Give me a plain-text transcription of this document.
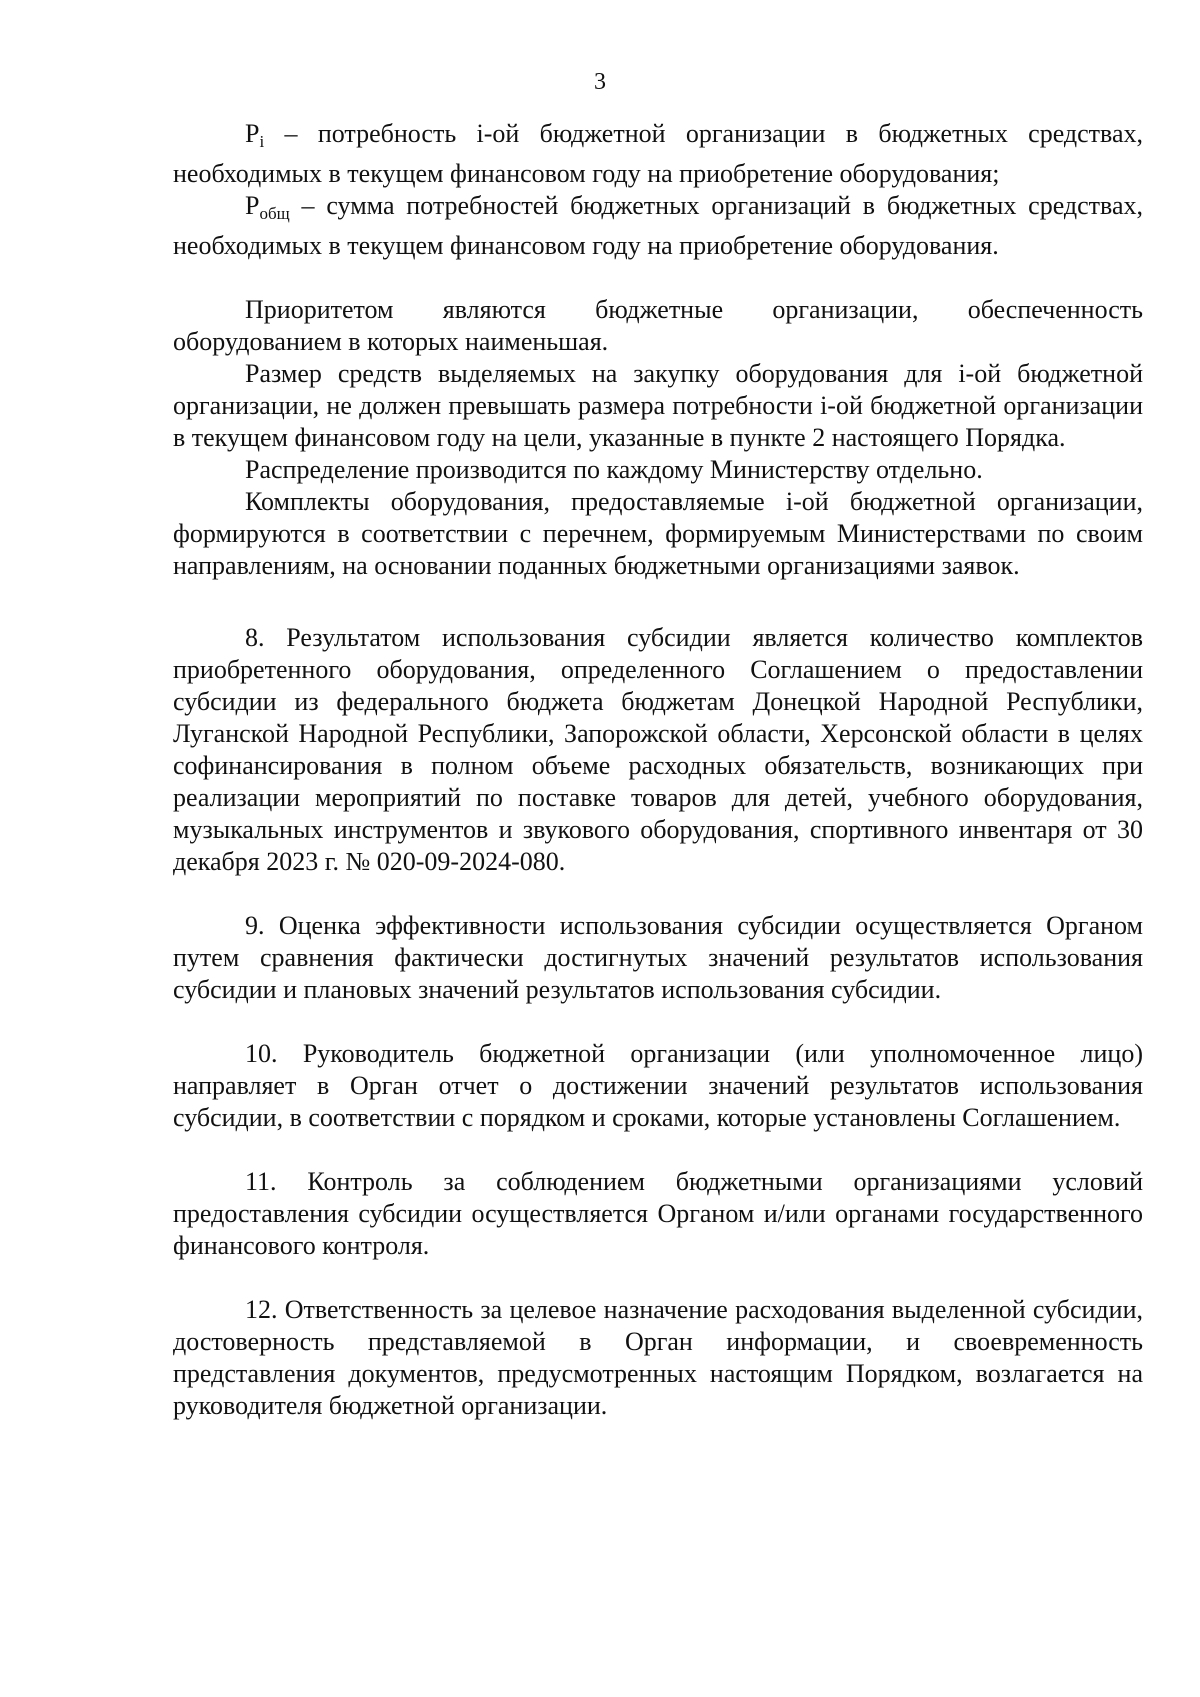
3

Pi – потребность i-ой бюджетной организации в бюджетных средствах, необходимых в текущем финансовом году на приобретение оборудования;

Pобщ – сумма потребностей бюджетных организаций в бюджетных средствах, необходимых в текущем финансовом году на приобретение оборудования.

Приоритетом являются бюджетные организации, обеспеченность оборудованием в которых наименьшая.

Размер средств выделяемых на закупку оборудования для i-ой бюджетной организации, не должен превышать размера потребности i-ой бюджетной организации в текущем финансовом году на цели, указанные в пункте 2 настоящего Порядка.

Распределение производится по каждому Министерству отдельно.

Комплекты оборудования, предоставляемые i-ой бюджетной организации, формируются в соответствии с перечнем, формируемым Министерствами по своим направлениям, на основании поданных бюджетными организациями заявок.

8. Результатом использования субсидии является количество комплектов приобретенного оборудования, определенного Соглашением о предоставлении субсидии из федерального бюджета бюджетам Донецкой Народной Республики, Луганской Народной Республики, Запорожской области, Херсонской области в целях софинансирования в полном объеме расходных обязательств, возникающих при реализации мероприятий по поставке товаров для детей, учебного оборудования, музыкальных инструментов и звукового оборудования, спортивного инвентаря от 30 декабря 2023 г. № 020-09-2024-080.

9. Оценка эффективности использования субсидии осуществляется Органом путем сравнения фактически достигнутых значений результатов использования субсидии и плановых значений результатов использования субсидии.

10. Руководитель бюджетной организации (или уполномоченное лицо) направляет в Орган отчет о достижении значений результатов использования субсидии, в соответствии с порядком и сроками, которые установлены Соглашением.

11. Контроль за соблюдением бюджетными организациями условий предоставления субсидии осуществляется Органом и/или органами государственного финансового контроля.

12. Ответственность за целевое назначение расходования выделенной субсидии, достоверность представляемой в Орган информации, и своевременность представления документов, предусмотренных настоящим Порядком, возлагается на руководителя бюджетной организации.
